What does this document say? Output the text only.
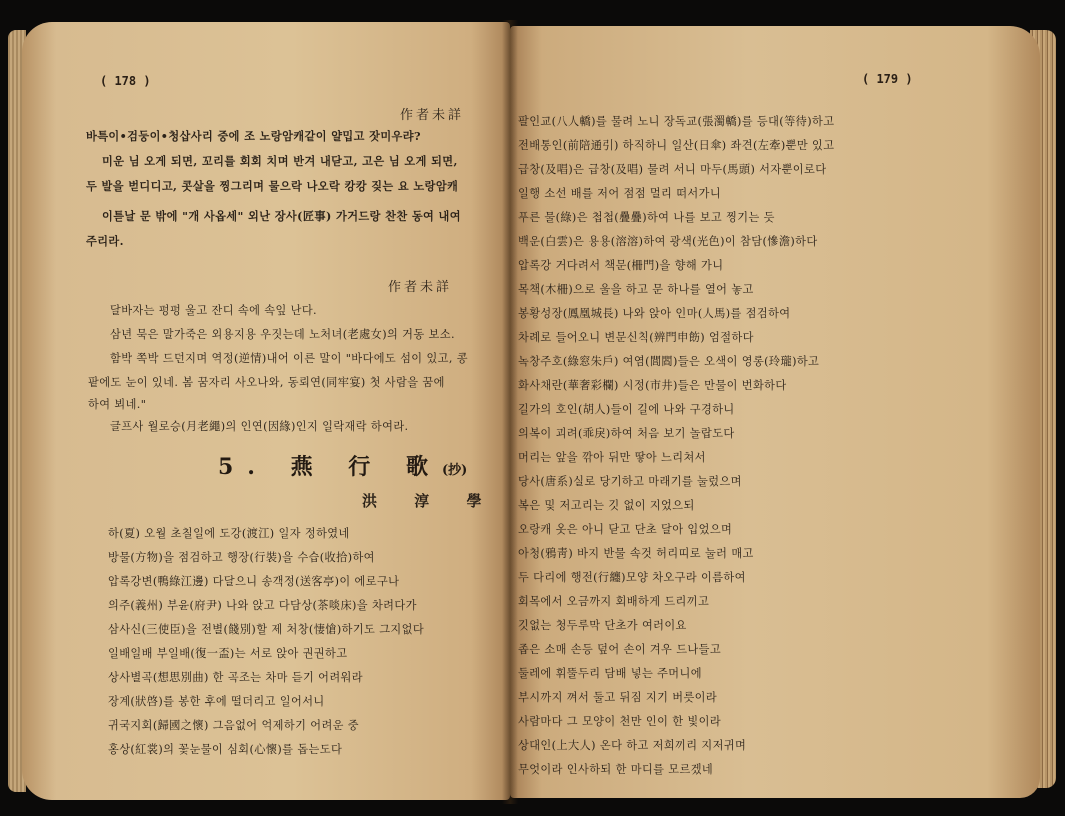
( 178 )
作者未詳
바특이•검둥이•청삽사리 중에 조 노랑암캐같이 얄밉고 잣미우랴?
미운 님 오게 되면, 꼬리를 회회 치며 반겨 내닫고, 고은 님 오게 되면,
두 발을 벋디디고, 콧살을 찡그리며 물으락 나오락 캉캉 짖는 요 노랑암캐
이튿날 문 밖에 "개 사옵세" 외난 장사(匠事) 가거드랑 찬찬 동여 내여
주리라.
作者未詳
달바자는 펑펑 울고 잔디 속에 속잎 난다.
삼년 묵은 말가죽은 외용지용 우짓는데 노처녀(老處女)의 거동 보소.
함박 쪽박 드던지며 역정(逆情)내어 이른 말이 "바다에도 섬이 있고, 콩
팥에도 눈이 있네. 봄 꿈자리 사오나와, 동뢰연(同牢宴) 첫 사람을 꿈에
하여 뵈네."
글프사 월로승(月老繩)의 인연(因緣)인지 일락재락 하여라.
5. 燕 行 歌(抄)
洪 淳 學
하(夏) 오월 초칠일에 도강(渡江) 일자 정하였네
방물(方物)을 점검하고 행장(行裝)을 수습(收拾)하여
압록강변(鴨綠江邊) 다달으니 송객정(送客亭)이 에로구나
의주(義州) 부윤(府尹) 나와 앉고 다담상(茶啖床)을 차려다가
삼사신(三使臣)을 전별(餞別)할 제 처창(悽愴)하기도 그지없다
일배일배 부일배(復一盃)는 서로 앉아 권권하고
상사별곡(想思別曲) 한 곡조는 차마 듣기 어려워라
장계(狀啓)를 봉한 후에 떨더리고 일어서니
귀국지회(歸國之懷) 그음없어 억제하기 어려운 중
홍상(紅裳)의 꽃눈물이 심회(心懷)를 돕는도다
( 179 )
팔인교(八人轎)를 물려 노니 장독교(張濁轎)를 등대(等待)하고
전배통인(前陪通引) 하직하니 일산(日傘) 좌견(左牽)뿐만 있고
급창(及唱)은 급창(及唱) 물려 서니 마두(馬頭) 서자뿐이로다
일행 소선 배를 저어 점점 멀리 떠서가니
푸른 물(綠)은 첩첩(疊疊)하여 나를 보고 찡기는 듯
백운(白雲)은 용용(溶溶)하여 광색(光色)이 참담(慘澹)하다
압록강 거다려서 책문(柵門)을 향해 가니
목책(木柵)으로 울을 하고 문 하나를 열어 놓고
봉황성장(鳳凰城長) 나와 앉아 인마(人馬)를 점검하여
차례로 들어오니 변문신칙(辨門申飭) 엄절하다
녹창주호(綠窓朱戶) 여염(閭閻)들은 오색이 영롱(玲瓏)하고
화사채란(華奢彩欄) 시정(市井)들은 만물이 번화하다
길가의 호인(胡人)들이 길에 나와 구경하니
의복이 괴려(乖戾)하여 처음 보기 놀랍도다
머리는 앞을 깎아 뒤만 땋아 느리쳐서
당사(唐系)실로 당기하고 마래기를 눌렀으며
복은 및 저고리는 깃 없이 지었으되
오랑캐 옷은 아니 닫고 단초 달아 입었으며
아청(鴉靑) 바지 반물 속것 허리띠로 눌러 매고
두 다리에 행전(行纏)모양 차오구라 이름하여
회목에서 오금까지 회배하게 드리끼고
깃없는 청두루막 단초가 여러이요
좁은 소매 손등 덮어 손이 겨우 드나들고
둘레에 휘뚤두리 담배 넣는 주머니에
부시까지 껴서 둘고 뒤짐 지기 버릇이라
사람마다 그 모양이 천만 인이 한 빛이라
상대인(上大人) 온다 하고 저희끼리 지저귀며
무엇이라 인사하되 한 마디를 모르겠네
